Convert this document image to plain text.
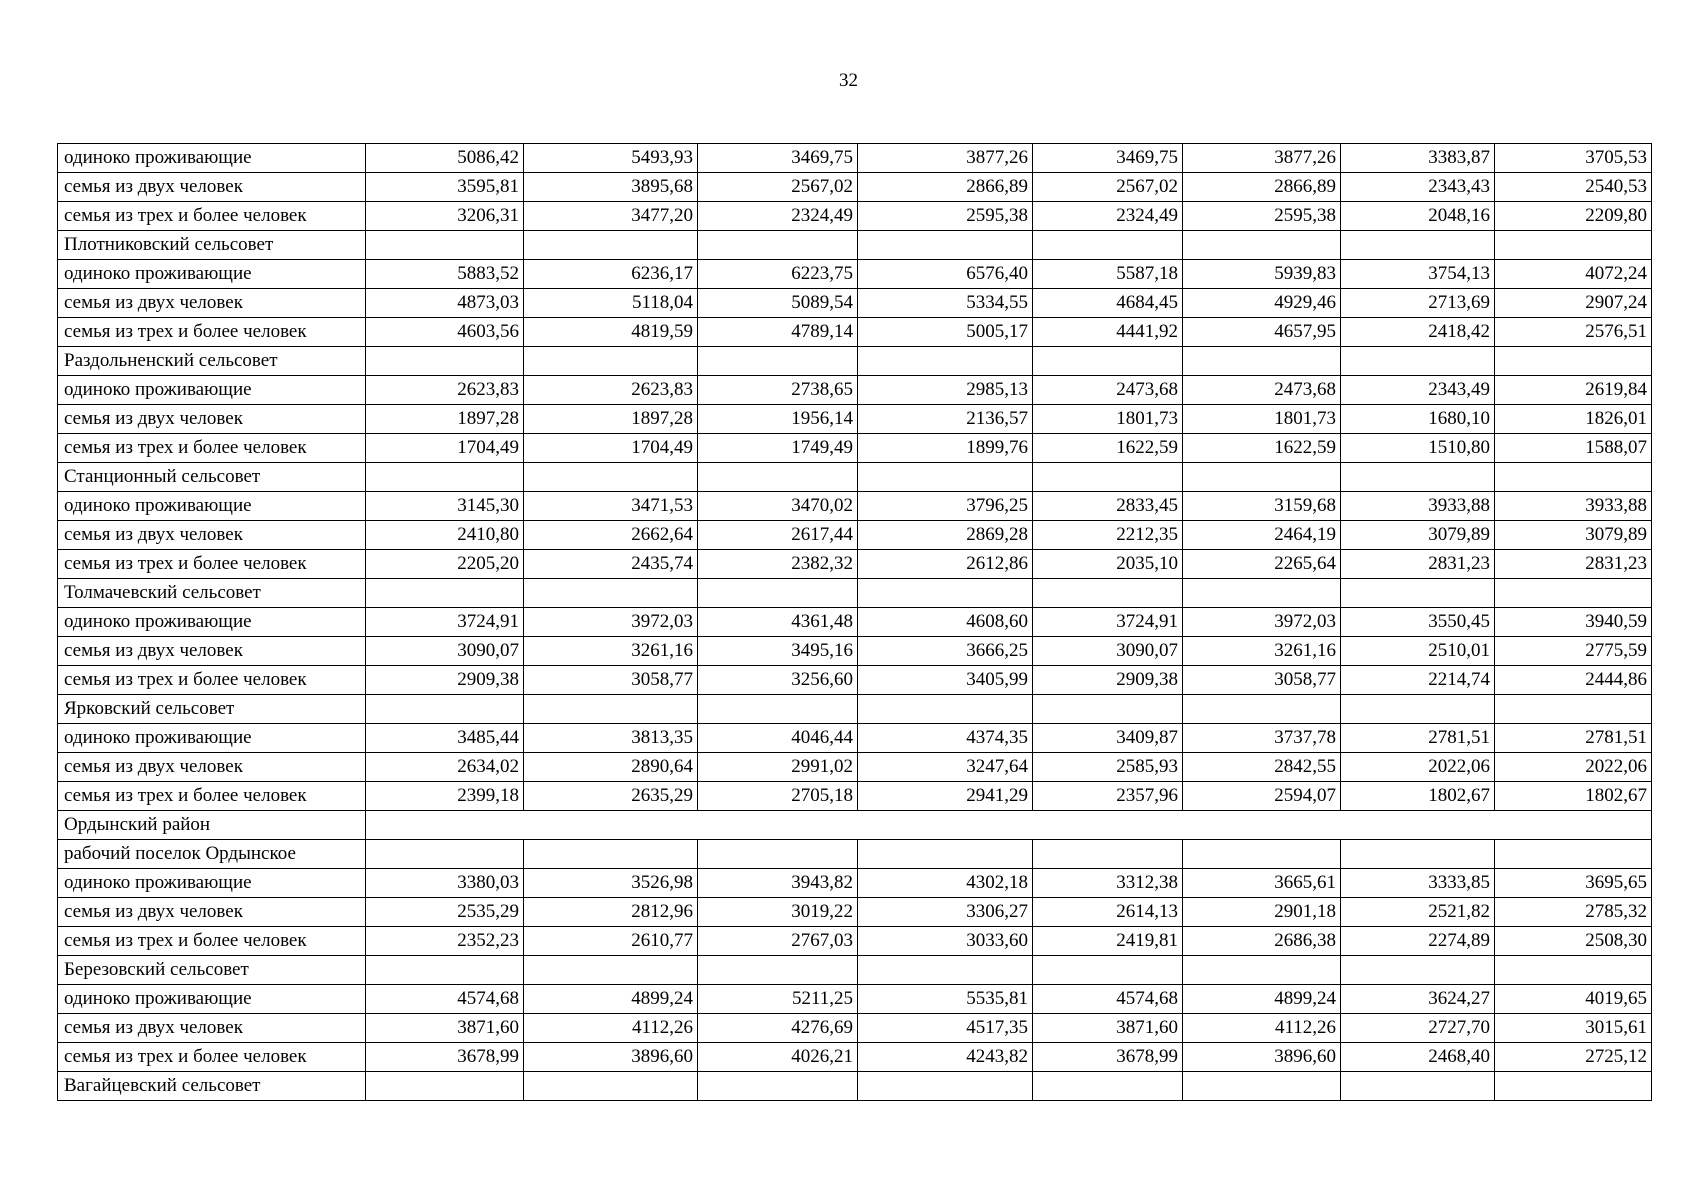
32
одиноко проживающие	5086,42	5493,93	3469,75	3877,26	3469,75	3877,26	3383,87	3705,53
семья из двух человек	3595,81	3895,68	2567,02	2866,89	2567,02	2866,89	2343,43	2540,53
семья из трех и более человек	3206,31	3477,20	2324,49	2595,38	2324,49	2595,38	2048,16	2209,80
Плотниковский сельсовет								
одиноко проживающие	5883,52	6236,17	6223,75	6576,40	5587,18	5939,83	3754,13	4072,24
семья из двух человек	4873,03	5118,04	5089,54	5334,55	4684,45	4929,46	2713,69	2907,24
семья из трех и более человек	4603,56	4819,59	4789,14	5005,17	4441,92	4657,95	2418,42	2576,51
Раздольненский сельсовет								
одиноко проживающие	2623,83	2623,83	2738,65	2985,13	2473,68	2473,68	2343,49	2619,84
семья из двух человек	1897,28	1897,28	1956,14	2136,57	1801,73	1801,73	1680,10	1826,01
семья из трех и более человек	1704,49	1704,49	1749,49	1899,76	1622,59	1622,59	1510,80	1588,07
Станционный сельсовет								
одиноко проживающие	3145,30	3471,53	3470,02	3796,25	2833,45	3159,68	3933,88	3933,88
семья из двух человек	2410,80	2662,64	2617,44	2869,28	2212,35	2464,19	3079,89	3079,89
семья из трех и более человек	2205,20	2435,74	2382,32	2612,86	2035,10	2265,64	2831,23	2831,23
Толмачевский сельсовет								
одиноко проживающие	3724,91	3972,03	4361,48	4608,60	3724,91	3972,03	3550,45	3940,59
семья из двух человек	3090,07	3261,16	3495,16	3666,25	3090,07	3261,16	2510,01	2775,59
семья из трех и более человек	2909,38	3058,77	3256,60	3405,99	2909,38	3058,77	2214,74	2444,86
Ярковский сельсовет								
одиноко проживающие	3485,44	3813,35	4046,44	4374,35	3409,87	3737,78	2781,51	2781,51
семья из двух человек	2634,02	2890,64	2991,02	3247,64	2585,93	2842,55	2022,06	2022,06
семья из трех и более человек	2399,18	2635,29	2705,18	2941,29	2357,96	2594,07	1802,67	1802,67
Ордынский район								
рабочий поселок Ордынское								
одиноко проживающие	3380,03	3526,98	3943,82	4302,18	3312,38	3665,61	3333,85	3695,65
семья из двух человек	2535,29	2812,96	3019,22	3306,27	2614,13	2901,18	2521,82	2785,32
семья из трех и более человек	2352,23	2610,77	2767,03	3033,60	2419,81	2686,38	2274,89	2508,30
Березовский сельсовет								
одиноко проживающие	4574,68	4899,24	5211,25	5535,81	4574,68	4899,24	3624,27	4019,65
семья из двух человек	3871,60	4112,26	4276,69	4517,35	3871,60	4112,26	2727,70	3015,61
семья из трех и более человек	3678,99	3896,60	4026,21	4243,82	3678,99	3896,60	2468,40	2725,12
Вагайцевский сельсовет								
